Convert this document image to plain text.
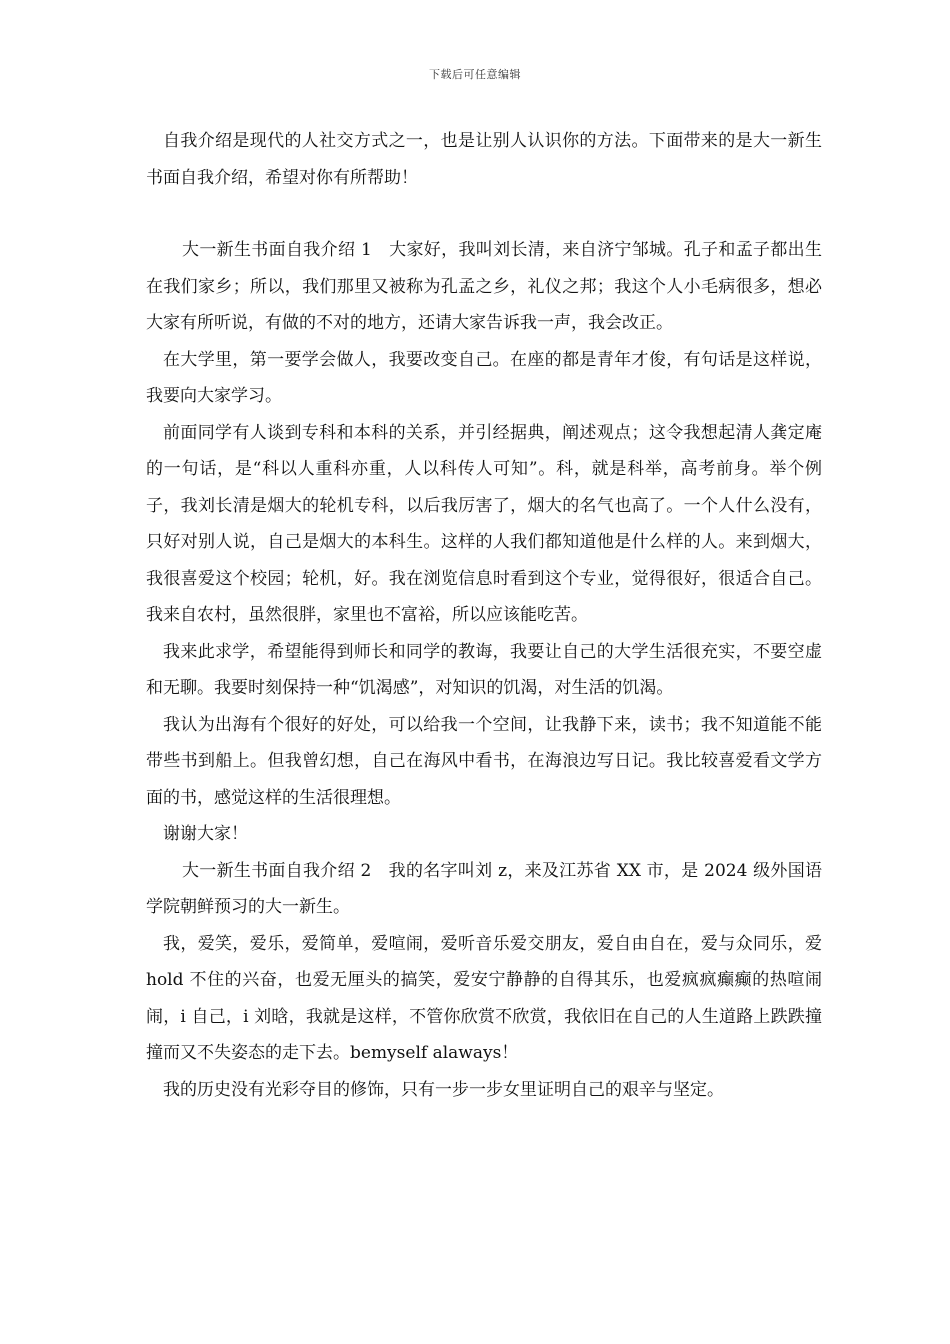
下载后可任意编辑

自我介绍是现代的人社交方式之一，也是让别人认识你的方法。下面带来的是大一新生书面自我介绍，希望对你有所帮助！

大一新生书面自我介绍 1 大家好，我叫刘长清，来自济宁邹城。孔子和孟子都出生在我们家乡；所以，我们那里又被称为孔孟之乡，礼仪之邦；我这个人小毛病很多，想必大家有所听说，有做的不对的地方，还请大家告诉我一声，我会改正。

在大学里，第一要学会做人，我要改变自己。在座的都是青年才俊，有句话是这样说，我要向大家学习。

前面同学有人谈到专科和本科的关系，并引经据典，阐述观点；这令我想起清人龚定庵的一句话，是“科以人重科亦重，人以科传人可知”。科，就是科举，高考前身。举个例子，我刘长清是烟大的轮机专科，以后我厉害了，烟大的名气也高了。一个人什么没有，只好对别人说，自己是烟大的本科生。这样的人我们都知道他是什么样的人。来到烟大，我很喜爱这个校园；轮机，好。我在浏览信息时看到这个专业，觉得很好，很适合自己。我来自农村，虽然很胖，家里也不富裕，所以应该能吃苦。

我来此求学，希望能得到师长和同学的教诲，我要让自己的大学生活很充实，不要空虚和无聊。我要时刻保持一种“饥渴感”，对知识的饥渴，对生活的饥渴。

我认为出海有个很好的好处，可以给我一个空间，让我静下来，读书；我不知道能不能带些书到船上。但我曾幻想，自己在海风中看书，在海浪边写日记。我比较喜爱看文学方面的书，感觉这样的生活很理想。

谢谢大家！

大一新生书面自我介绍 2 我的名字叫刘 z，来及江苏省 XX 市，是 2024 级外国语学院朝鲜预习的大一新生。

我，爱笑，爱乐，爱简单，爱喧闹，爱听音乐爱交朋友，爱自由自在，爱与众同乐，爱 hold 不住的兴奋，也爱无厘头的搞笑，爱安宁静静的自得其乐，也爱疯疯癫癫的热喧闹闹，i 自己，i 刘晗，我就是这样，不管你欣赏不欣赏，我依旧在自己的人生道路上跌跌撞撞而又不失姿态的走下去。bemyself alaways！

我的历史没有光彩夺目的修饰，只有一步一步女里证明自己的艰辛与坚定。
